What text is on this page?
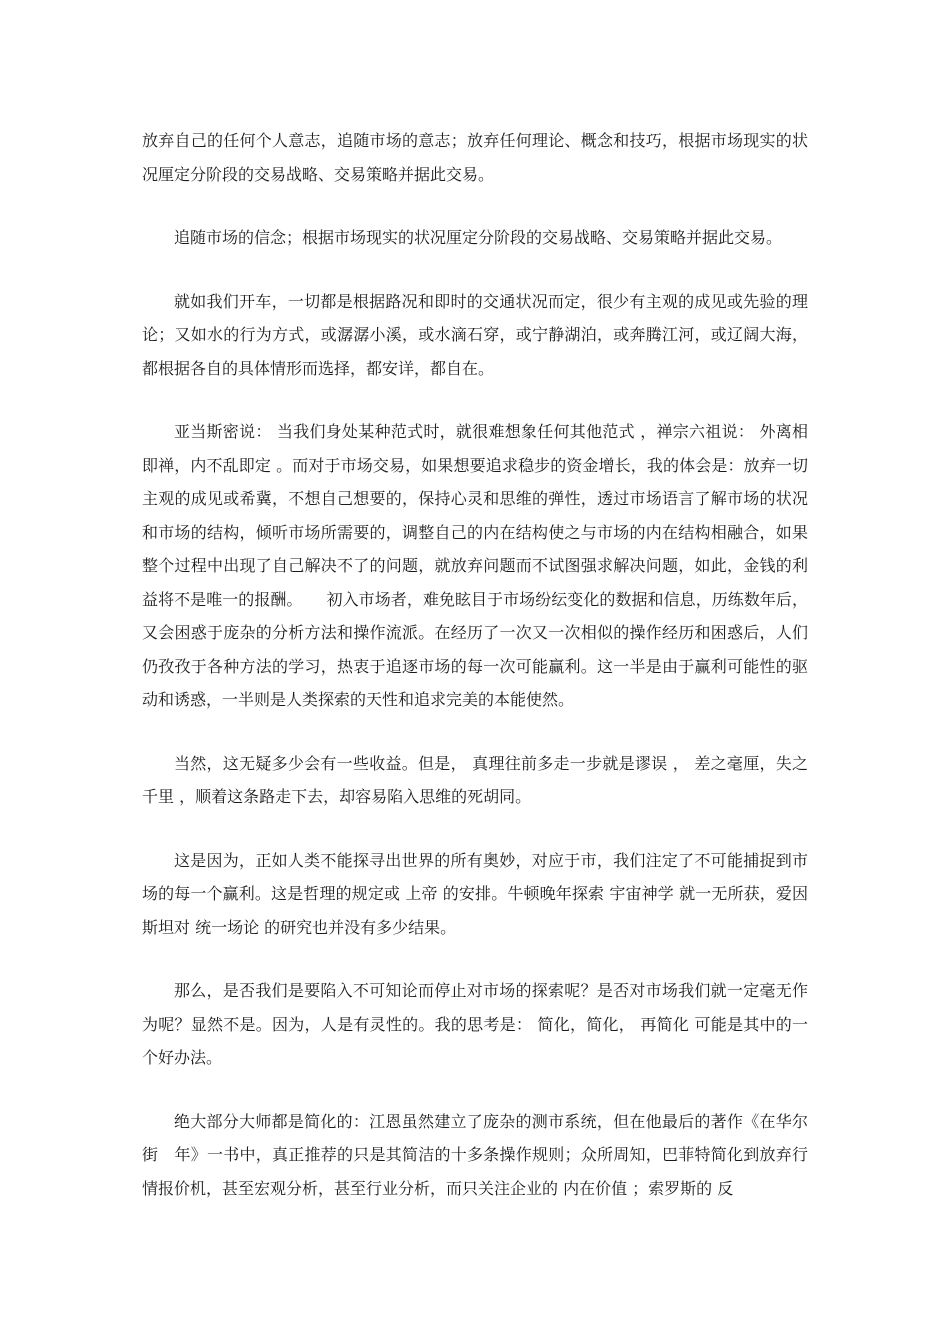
放弃自己的任何个人意志，追随市场的意志；放弃任何理论、概念和技巧，根据市场现实的状况厘定分阶段的交易战略、交易策略并据此交易。

追随市场的信念；根据市场现实的状况厘定分阶段的交易战略、交易策略并据此交易。

就如我们开车，一切都是根据路况和即时的交通状况而定，很少有主观的成见或先验的理论；又如水的行为方式，或潺潺小溪，或水滴石穿，或宁静湖泊，或奔腾江河，或辽阔大海，都根据各自的具体情形而选择，都安详，都自在。

亚当斯密说： 当我们身处某种范式时，就很难想象任何其他范式 ，禅宗六祖说： 外离相即禅，内不乱即定 。而对于市场交易，如果想要追求稳步的资金增长，我的体会是：放弃一切主观的成见或希冀，不想自己想要的，保持心灵和思维的弹性，透过市场语言了解市场的状况和市场的结构，倾听市场所需要的，调整自己的内在结构使之与市场的内在结构相融合，如果整个过程中出现了自己解决不了的问题，就放弃问题而不试图强求解决问题，如此，金钱的利益将不是唯一的报酬。　　初入市场者，难免眩目于市场纷纭变化的数据和信息，历练数年后，又会困惑于庞杂的分析方法和操作流派。在经历了一次又一次相似的操作经历和困惑后，人们仍孜孜于各种方法的学习，热衷于追逐市场的每一次可能赢利。这一半是由于赢利可能性的驱动和诱惑，一半则是人类探索的天性和追求完美的本能使然。

当然，这无疑多少会有一些收益。但是， 真理往前多走一步就是谬误 ， 差之毫厘，失之千里 ，顺着这条路走下去，却容易陷入思维的死胡同。

这是因为，正如人类不能探寻出世界的所有奥妙，对应于市，我们注定了不可能捕捉到市场的每一个赢利。这是哲理的规定或 上帝 的安排。牛顿晚年探索 宇宙神学 就一无所获，爱因斯坦对 统一场论 的研究也并没有多少结果。

那么，是否我们是要陷入不可知论而停止对市场的探索呢？是否对市场我们就一定毫无作为呢？显然不是。因为，人是有灵性的。我的思考是： 简化，简化， 再简化 可能是其中的一个好办法。

绝大部分大师都是简化的：江恩虽然建立了庞杂的测市系统，但在他最后的著作《在华尔街　年》一书中，真正推荐的只是其简洁的十多条操作规则；众所周知，巴菲特简化到放弃行情报价机，甚至宏观分析，甚至行业分析，而只关注企业的 内在价值 ；索罗斯的 反
